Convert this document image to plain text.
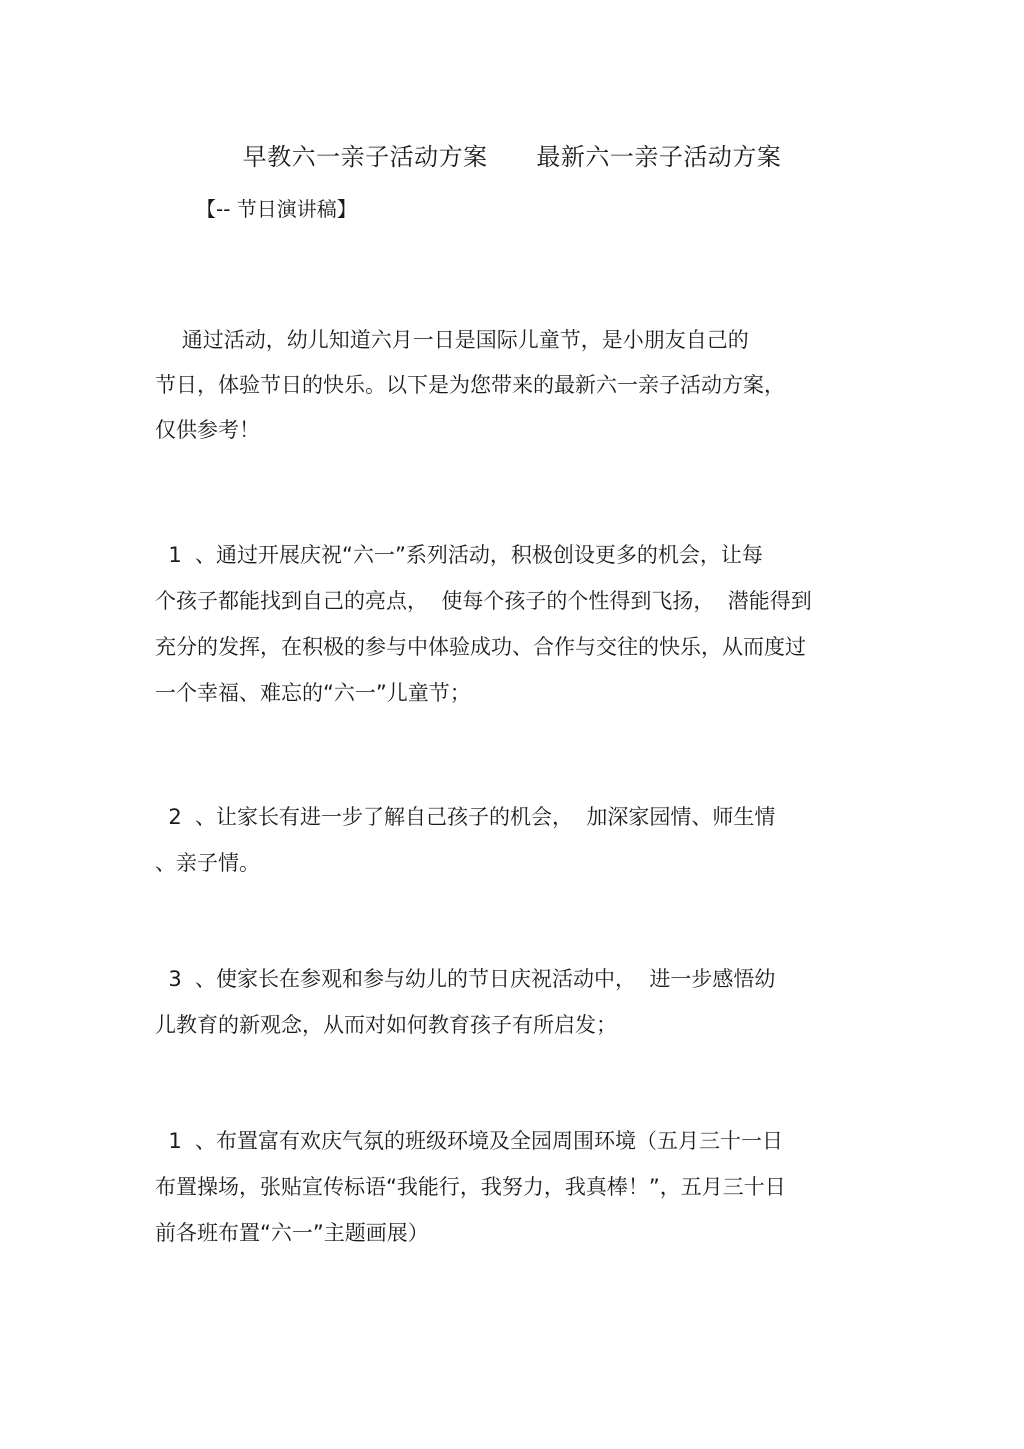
早教六一亲子活动方案      最新六一亲子活动方案
【-- 节日演讲稿】
通过活动，幼儿知道六月一日是国际儿童节，是小朋友自己的
节日，体验节日的快乐。以下是为您带来的最新六一亲子活动方案，
仅供参考！
1  、通过开展庆祝“六一”系列活动，积极创设更多的机会，让每
个孩子都能找到自己的亮点，  使每个孩子的个性得到飞扬，  潜能得到
充分的发挥，在积极的参与中体验成功、合作与交往的快乐，从而度过
一个幸福、难忘的“六一”儿童节；
2  、让家长有进一步了解自己孩子的机会，  加深家园情、师生情
、亲子情。
3  、使家长在参观和参与幼儿的节日庆祝活动中，  进一步感悟幼
儿教育的新观念，从而对如何教育孩子有所启发；
1  、布置富有欢庆气氛的班级环境及全园周围环境（五月三十一日
布置操场，张贴宣传标语“我能行，我努力，我真棒！”，五月三十日
前各班布置“六一”主题画展）
